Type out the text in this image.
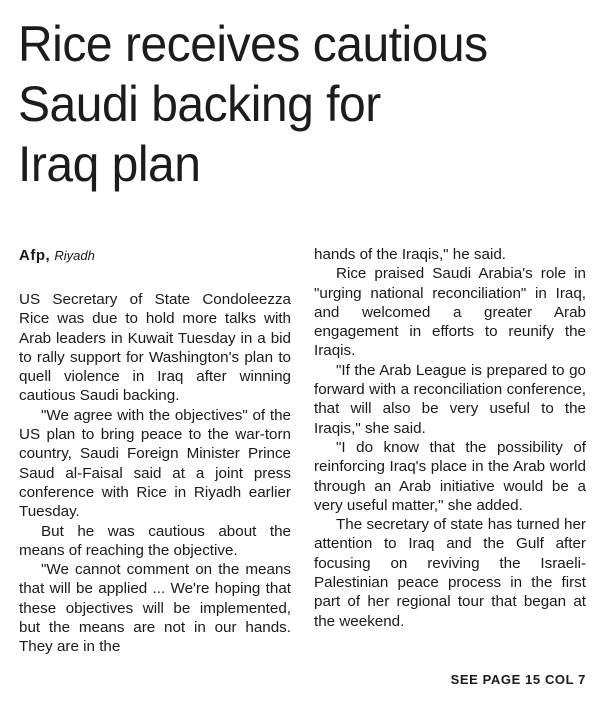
Rice receives cautious
Saudi backing for
Iraq plan
Afp, Riyadh

US Secretary of State Condoleezza Rice was due to hold more talks with Arab leaders in Kuwait Tuesday in a bid to rally support for Washington's plan to quell violence in Iraq after winning cautious Saudi backing.

"We agree with the objectives" of the US plan to bring peace to the war-torn country, Saudi Foreign Minister Prince Saud al-Faisal said at a joint press conference with Rice in Riyadh earlier Tuesday.

But he was cautious about the means of reaching the objective.

"We cannot comment on the means that will be applied ... We're hoping that these objectives will be implemented, but the means are not in our hands. They are in the

hands of the Iraqis," he said.

Rice praised Saudi Arabia's role in "urging national reconciliation" in Iraq, and welcomed a greater Arab engagement in efforts to reunify the Iraqis.

"If the Arab League is prepared to go forward with a reconciliation conference, that will also be very useful to the Iraqis," she said.

"I do know that the possibility of reinforcing Iraq's place in the Arab world through an Arab initiative would be a very useful matter," she added.

The secretary of state has turned her attention to Iraq and the Gulf after focusing on reviving the Israeli-Palestinian peace process in the first part of her regional tour that began at the weekend.

SEE PAGE 15 COL 7
